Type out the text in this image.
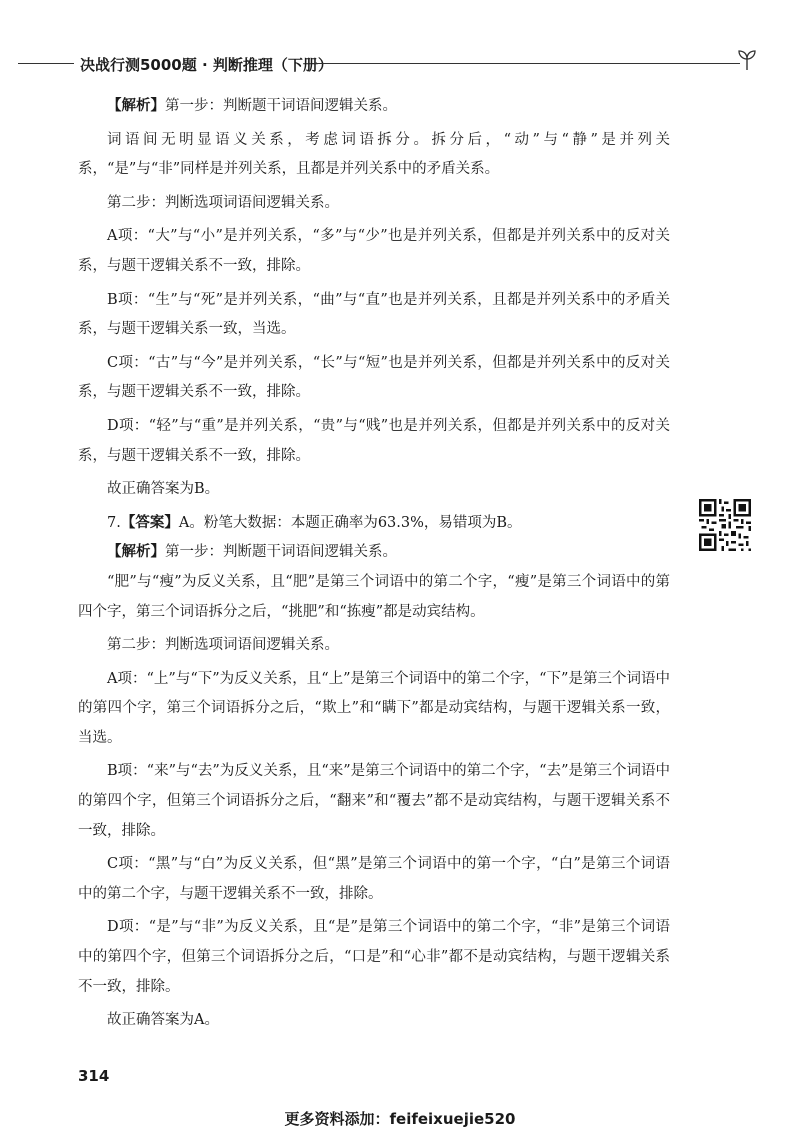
决战行测5000题 · 判断推理（下册）

【解析】第一步：判断题干词语间逻辑关系。

词语间无明显语义关系，考虑词语拆分。拆分后，“动”与“静”是并列关系，“是”与“非”同样是并列关系，且都是并列关系中的矛盾关系。

第二步：判断选项词语间逻辑关系。

A项：“大”与“小”是并列关系，“多”与“少”也是并列关系，但都是并列关系中的反对关系，与题干逻辑关系不一致，排除。

B项：“生”与“死”是并列关系，“曲”与“直”也是并列关系，且都是并列关系中的矛盾关系，与题干逻辑关系一致，当选。

C项：“古”与“今”是并列关系，“长”与“短”也是并列关系，但都是并列关系中的反对关系，与题干逻辑关系不一致，排除。

D项：“轻”与“重”是并列关系，“贵”与“贱”也是并列关系，但都是并列关系中的反对关系，与题干逻辑关系不一致，排除。

故正确答案为B。

7.【答案】A。粉笔大数据：本题正确率为63.3%，易错项为B。

【解析】第一步：判断题干词语间逻辑关系。

“肥”与“瘦”为反义关系，且“肥”是第三个词语中的第二个字，“瘦”是第三个词语中的第四个字，第三个词语拆分之后，“挑肥”和“拣瘦”都是动宾结构。

第二步：判断选项词语间逻辑关系。

A项：“上”与“下”为反义关系，且“上”是第三个词语中的第二个字，“下”是第三个词语中的第四个字，第三个词语拆分之后，“欺上”和“瞒下”都是动宾结构，与题干逻辑关系一致，当选。

B项：“来”与“去”为反义关系，且“来”是第三个词语中的第二个字，“去”是第三个词语中的第四个字，但第三个词语拆分之后，“翻来”和“覆去”都不是动宾结构，与题干逻辑关系不一致，排除。

C项：“黑”与“白”为反义关系，但“黑”是第三个词语中的第一个字，“白”是第三个词语中的第二个字，与题干逻辑关系不一致，排除。

D项：“是”与“非”为反义关系，且“是”是第三个词语中的第二个字，“非”是第三个词语中的第四个字，但第三个词语拆分之后，“口是”和“心非”都不是动宾结构，与题干逻辑关系不一致，排除。

故正确答案为A。

314
更多资料添加：feifeixuejie520
